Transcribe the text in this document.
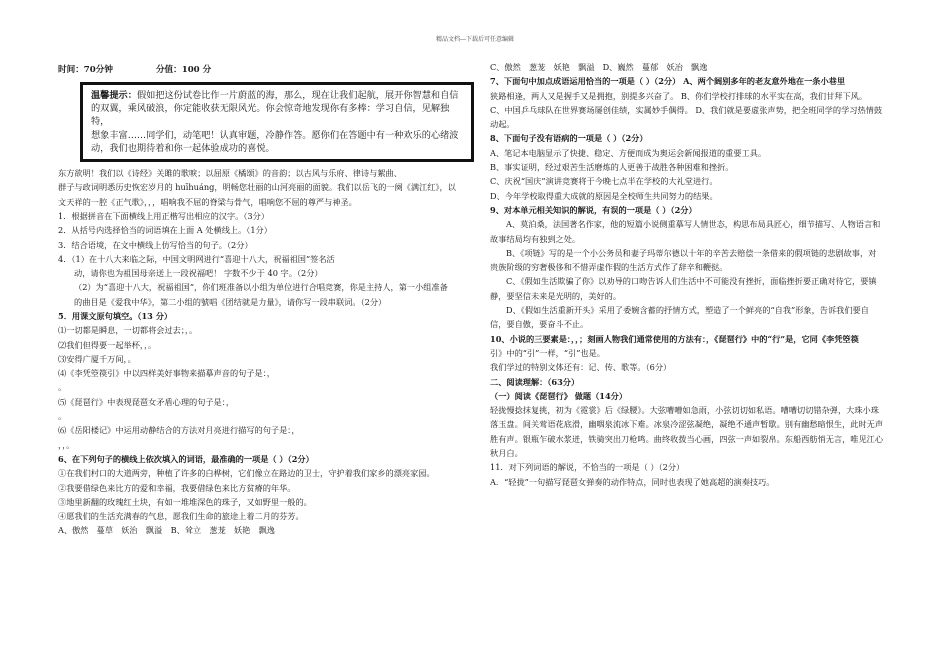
精品文档---下载后可任意编辑
时间：70分钟	分值：100 分
温馨提示：假如把这份试卷比作一片蔚蓝的海，那么，现在让我们起航，展开你智慧和自信
的双翼，乘风破浪，你定能收获无限风光。你会惊奇地发现你有多棒：学习自信，见解独特，
想象丰富……同学们，动笔吧！认真审题，冷静作答。愿你们在答题中有一种欢乐的心绪波
动，我们也期待着和你一起体验成功的喜悦。
东方欲明！我们以《诗经》关雎的歌唳；以屈原《橘颂》的音韵；以古风与乐府、律诗与絮曲、
群子与政词明悉历史恢宏岁月的 huīhuáng，明畅您壮丽的山河亮丽的面貌。我们以岳飞的一阕《满江红》，以
文天祥的一腔《正气歌》，，，唱响我不屈的脊梁与骨气，唱响您不屈的尊严与神圣。
1．根据拼音在下面横线上用正楷写出相应的汉字。（3分）
2．从括号内选择恰当的词语填在上面 A 处横线上。（1分）
3．结合语境，在文中横线上仿写恰当的句子。（2分）
4．（1）在十八大来临之际，中国文明网进行“喜迎十八大，祝福祖国”签名活
动，请你也为祖国母亲送上一段祝福吧！ 字数不少于 40 字。（2分）
（2）为“喜迎十八大，祝福祖国”，你们班准备以小组为单位进行合唱竞赛，你是主持人，第一小组准备
的曲目是《爱我中华》，第二小组的號唱《团结就是力量》，请你写一段串联词。（2分）
5．用课文原句填空。（13 分）
⑴一切都是瞬息，一切都将会过去；，。
⑵我们但得要一起举杯，，。
⑶安得广厦千万间，。
⑷《李凭箜篌引》中以四样美好事物来描摹声音的句子是：，
。
⑸《琵琶行》中表现琵琶女矛盾心理的句子是：，
。
⑹《岳阳楼记》中运用动静结合的方法对月亮进行描写的句子是：，
，，。
6、在下列句子的横线上依次填入的词语，最准确的一项是（ ）（2分）
①在我们村口的大道两旁，种植了许多的白桦树，它们像立在路边的卫士，守护着我们家乡的漂亮家园。
②我要借绿色来比方的爱和幸福，我要借绿色来比方贫瘠的年华。
③地里新翻的玫瑰红土块，有如一堆堆深色的珠子，又如野里一般的。
④愿我们的生活充满春的气息，愿我们生命的旅途上着二月的芬芳。
A、傲然　蔓草　妖治　飘溢 B、耸立　葱茏　妖艳　飘逸
C、傲然　葱茏　妖艳　飘溢 D、巍然　蔓郁　妖冶　飘逸
7、下面句中加点成语运用恰当的一项是（ ）（2分） A、两个阔别多年的老友意外地在一条小巷里
狭路相逢，两人又是握手又是拥抱，别提多兴奋了。 B、你们学校打排球的水平实在高，我们甘拜下风。
C、中国乒乓球队在世界赛场屡创佳绩，实属妙手偶得。 D、我们就是要虚张声势，把全班同学的学习热情鼓
动起。
8、下面句子没有语病的一项是（ ）（2分）
A、笔记本电脑显示了快捷、稳定、方便而成为奥运会新闻报道的重要工具。
B、事实证明，经过艰苦生活磨炼的人更善于战胜各种困难和挫折。
C、庆祝“国庆”演讲竞赛将于今晚七点半在学校的大礼堂进行。
D、今年学校取得重大成就的原因是全校师生共同努力的结果。
9、对本单元相关知识的解说，有误的一项是（ ）（2分）
A、莫泊桑，法国著名作家，他的短篇小说侧重摹写人情世态，构思布局具匠心，细节描写、人物语言和
故事结局均有独到之处。
B、《项链》写的是一个小公务员和妻子玛蒂尔德以十年的辛苦去赔偿一条借来的假项链的悲剧故事，对
贵族阶级的穷奢极侈和不惜弄虚作假的生活方式作了辞辛和鞭挞。
C、《假如生活欺骗了你》以劝导的口吻告诉人们生活中不可能没有挫折，面临挫折要正确对待它，要镇
静，要坚信未来是光明的，美好的。
D、《假如生活重新开头》采用了委婉含蓄的抒情方式，塑造了一个鲜亮的“自我”形象，告诉我们要自
信，要自傲，要奋斗不止。
10、小说的三要素是：，，；刻画人物我们通常使用的方法有：，《琵琶行》中的“行”是，它同《李凭箜篌
引》中的“引”一样，“引”也是。
我们学过的特别文体还有：记、传、歌等。（6分）
二、阅读理解：（63分）
（一）阅读《琵琶行》 做题（14分）
轻拢慢捻抹复挑，初为《霓裳》后《绿腰》。大弦嘈嘈如急雨，小弦切切如私语。嘈嘈切切错杂弹，大珠小珠
落玉盘。间关莺语花底滑，幽咽泉流冰下难。冰泉冷涩弦凝绝，凝绝不通声暂歇。别有幽愁暗恨生，此时无声
胜有声。银瓶乍破水浆迸，铁骑突出刀枪鸣。曲终收拨当心画，四弦一声如裂帛。东船西舫悄无言，唯见江心
秋月白。
11．对下列词语的解说，不恰当的一项是（ ）（2分）
A．“轻拢”一句描写琵琶女弹奏的动作特点，同时也表现了她高超的演奏技巧。
